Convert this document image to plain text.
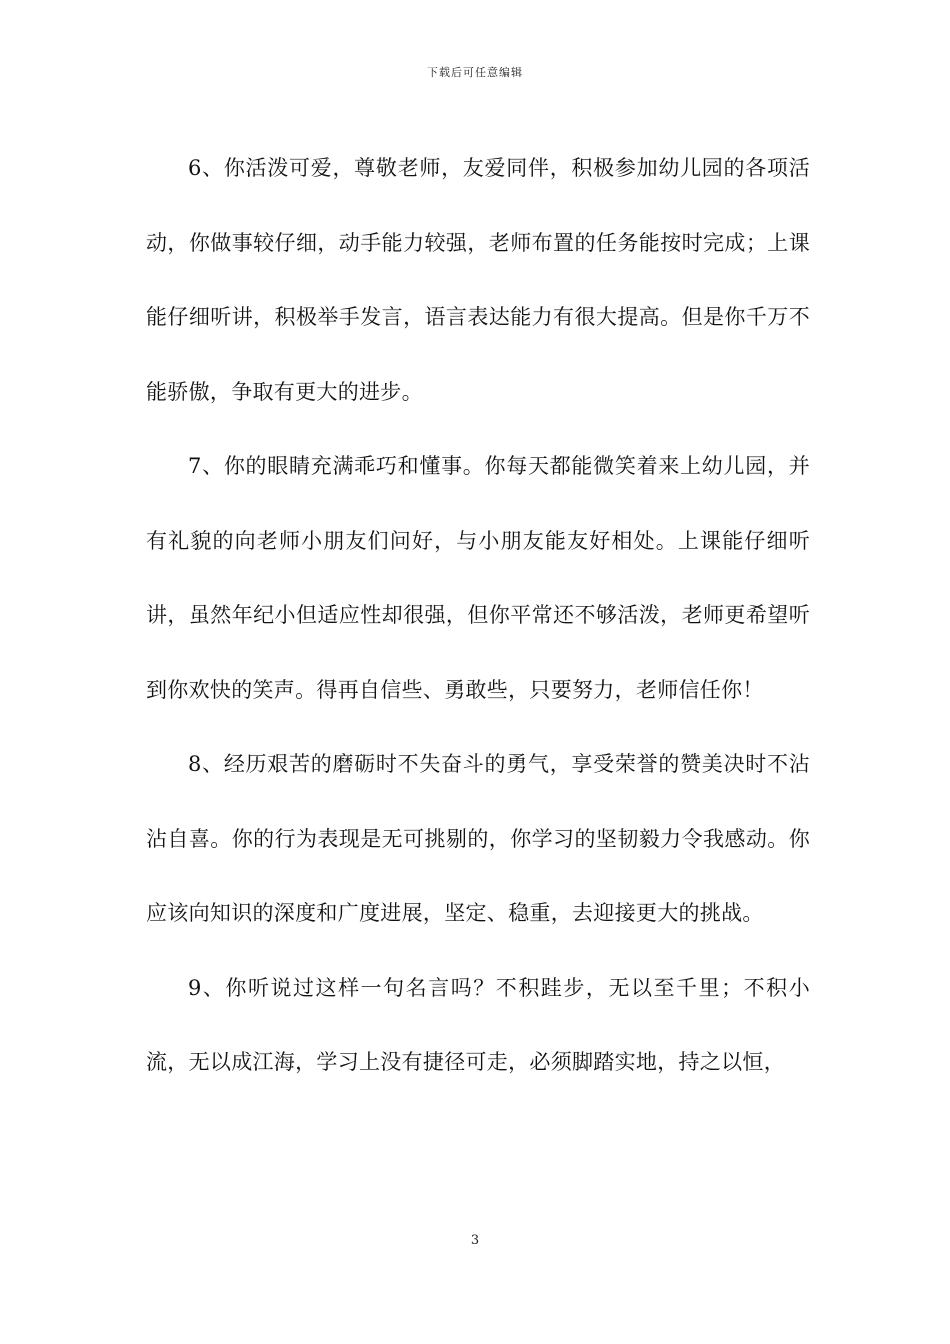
下载后可任意编辑

6、你活泼可爱，尊敬老师，友爱同伴，积极参加幼儿园的各项活动，你做事较仔细，动手能力较强，老师布置的任务能按时完成；上课能仔细听讲，积极举手发言，语言表达能力有很大提高。但是你千万不能骄傲，争取有更大的进步。

7、你的眼睛充满乖巧和懂事。你每天都能微笑着来上幼儿园，并有礼貌的向老师小朋友们问好，与小朋友能友好相处。上课能仔细听讲，虽然年纪小但适应性却很强，但你平常还不够活泼，老师更希望听到你欢快的笑声。得再自信些、勇敢些，只要努力，老师信任你！

8、经历艰苦的磨砺时不失奋斗的勇气，享受荣誉的赞美决时不沾沾自喜。你的行为表现是无可挑剔的，你学习的坚韧毅力令我感动。你应该向知识的深度和广度进展，坚定、稳重，去迎接更大的挑战。

9、你听说过这样一句名言吗？不积跬步，无以至千里；不积小流，无以成江海，学习上没有捷径可走，必须脚踏实地，持之以恒，

3
